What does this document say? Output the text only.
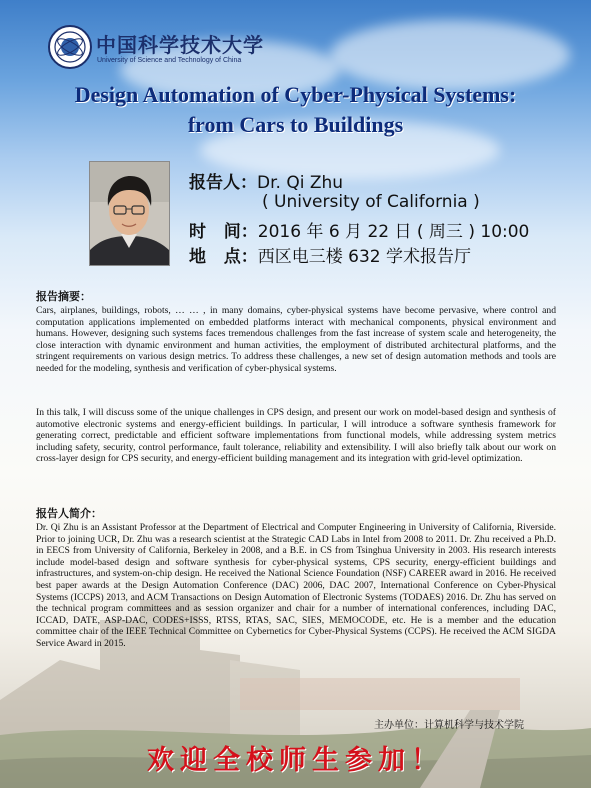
中国科学技术大学
University of Science and Technology of China
Design Automation of Cyber-Physical Systems:
from Cars to Buildings
报告人：Dr. Qi Zhu
( University of California )
时   间：2016 年 6 月 22 日 ( 周三 ) 10:00
地   点：西区电三楼 632 学术报告厅
报告摘要：

Cars, airplanes, buildings, robots, … … , in many domains, cyber-physical systems have become pervasive, where control and computation applications implemented on embedded platforms interact with mechanical components, physical environment and humans. However, designing such systems faces tremendous challenges from the fast increase of system scale and heterogeneity, the close interaction with dynamic environment and human activities, the employment of distributed architectural platforms, and the stringent requirements on various design metrics. To address these challenges, a new set of design automation methods and tools are needed for the modeling, synthesis and verification of cyber-physical systems.

In this talk, I will discuss some of the unique challenges in CPS design, and present our work on model-based design and synthesis of automotive electronic systems and energy-efficient buildings. In particular, I will introduce a software synthesis framework for generating correct, predictable and efficient software implementations from functional models, while addressing system metrics including safety, security, control performance, fault tolerance, reliability and extensibility. I will also briefly talk about our work on cross-layer design for CPS security, and energy-efficient building management and its integration with grid-level optimization.

报告人简介：

Dr. Qi Zhu is an Assistant Professor at the Department of Electrical and Computer Engineering in University of California, Riverside. Prior to joining UCR, Dr. Zhu was a research scientist at the Strategic CAD Labs in Intel from 2008 to 2011. Dr. Zhu received a Ph.D. in EECS from University of California, Berkeley in 2008, and a B.E. in CS from Tsinghua University in 2003. His research interests include model-based design and software synthesis for cyber-physical systems, CPS security, energy-efficient buildings and infrastructures, and system-on-chip design. He received the National Science Foundation (NSF) CAREER award in 2016. He received best paper awards at the Design Automation Conference (DAC) 2006, DAC 2007, International Conference on Cyber-Physical Systems (ICCPS) 2013, and ACM Transactions on Design Automation of Electronic Systems (TODAES) 2016. Dr. Zhu has served on the technical program committees and as session organizer and chair for a number of international conferences, including DAC, ICCAD, DATE, ASP-DAC, CODES+ISSS, RTSS, RTAS, SAC, SIES, MEMOCODE, etc. He is a member and the education committee chair of the IEEE Technical Committee on Cybernetics for Cyber-Physical Systems (CCPS). He received the ACM SIGDA Service Award in 2015.

主办单位：计算机科学与技术学院
欢迎全校师生参加！
